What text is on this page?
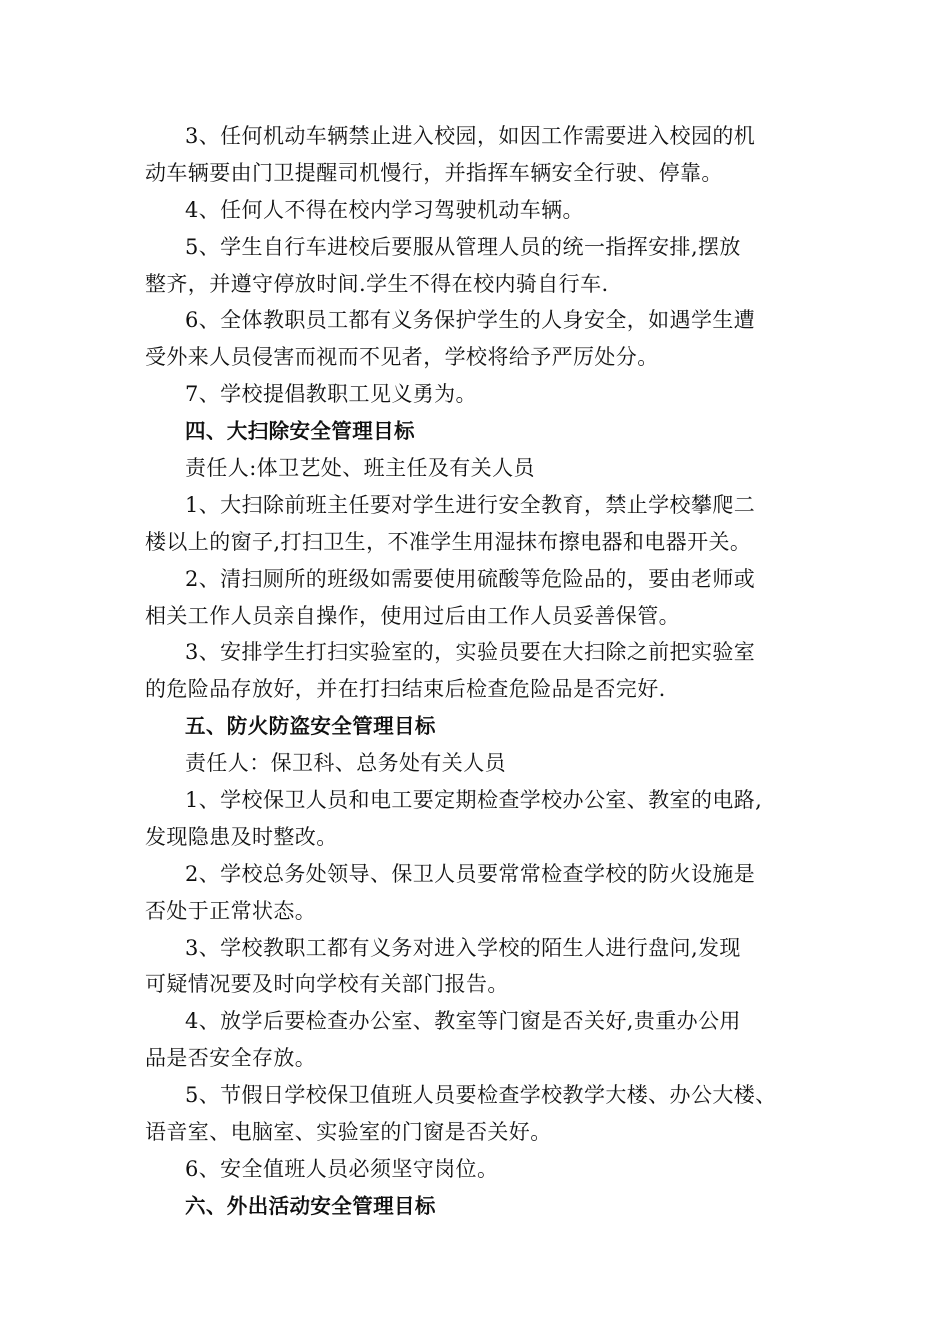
3、任何机动车辆禁止进入校园，如因工作需要进入校园的机
动车辆要由门卫提醒司机慢行，并指挥车辆安全行驶、停靠。
4、任何人不得在校内学习驾驶机动车辆。
5、学生自行车进校后要服从管理人员的统一指挥安排,摆放
整齐，并遵守停放时间.学生不得在校内骑自行车.
6、全体教职员工都有义务保护学生的人身安全，如遇学生遭
受外来人员侵害而视而不见者，学校将给予严厉处分。
7、学校提倡教职工见义勇为。
四、大扫除安全管理目标
责任人:体卫艺处、班主任及有关人员
1、大扫除前班主任要对学生进行安全教育，禁止学校攀爬二
楼以上的窗子,打扫卫生，不准学生用湿抹布擦电器和电器开关。
2、清扫厕所的班级如需要使用硫酸等危险品的，要由老师或
相关工作人员亲自操作，使用过后由工作人员妥善保管。
3、安排学生打扫实验室的，实验员要在大扫除之前把实验室
的危险品存放好，并在打扫结束后检查危险品是否完好.
五、防火防盗安全管理目标
责任人：保卫科、总务处有关人员
1、学校保卫人员和电工要定期检查学校办公室、教室的电路,
发现隐患及时整改。
2、学校总务处领导、保卫人员要常常检查学校的防火设施是
否处于正常状态。
3、学校教职工都有义务对进入学校的陌生人进行盘问,发现
可疑情况要及时向学校有关部门报告。
4、放学后要检查办公室、教室等门窗是否关好,贵重办公用
品是否安全存放。
5、节假日学校保卫值班人员要检查学校教学大楼、办公大楼、
语音室、电脑室、实验室的门窗是否关好。
6、安全值班人员必须坚守岗位。
六、外出活动安全管理目标
